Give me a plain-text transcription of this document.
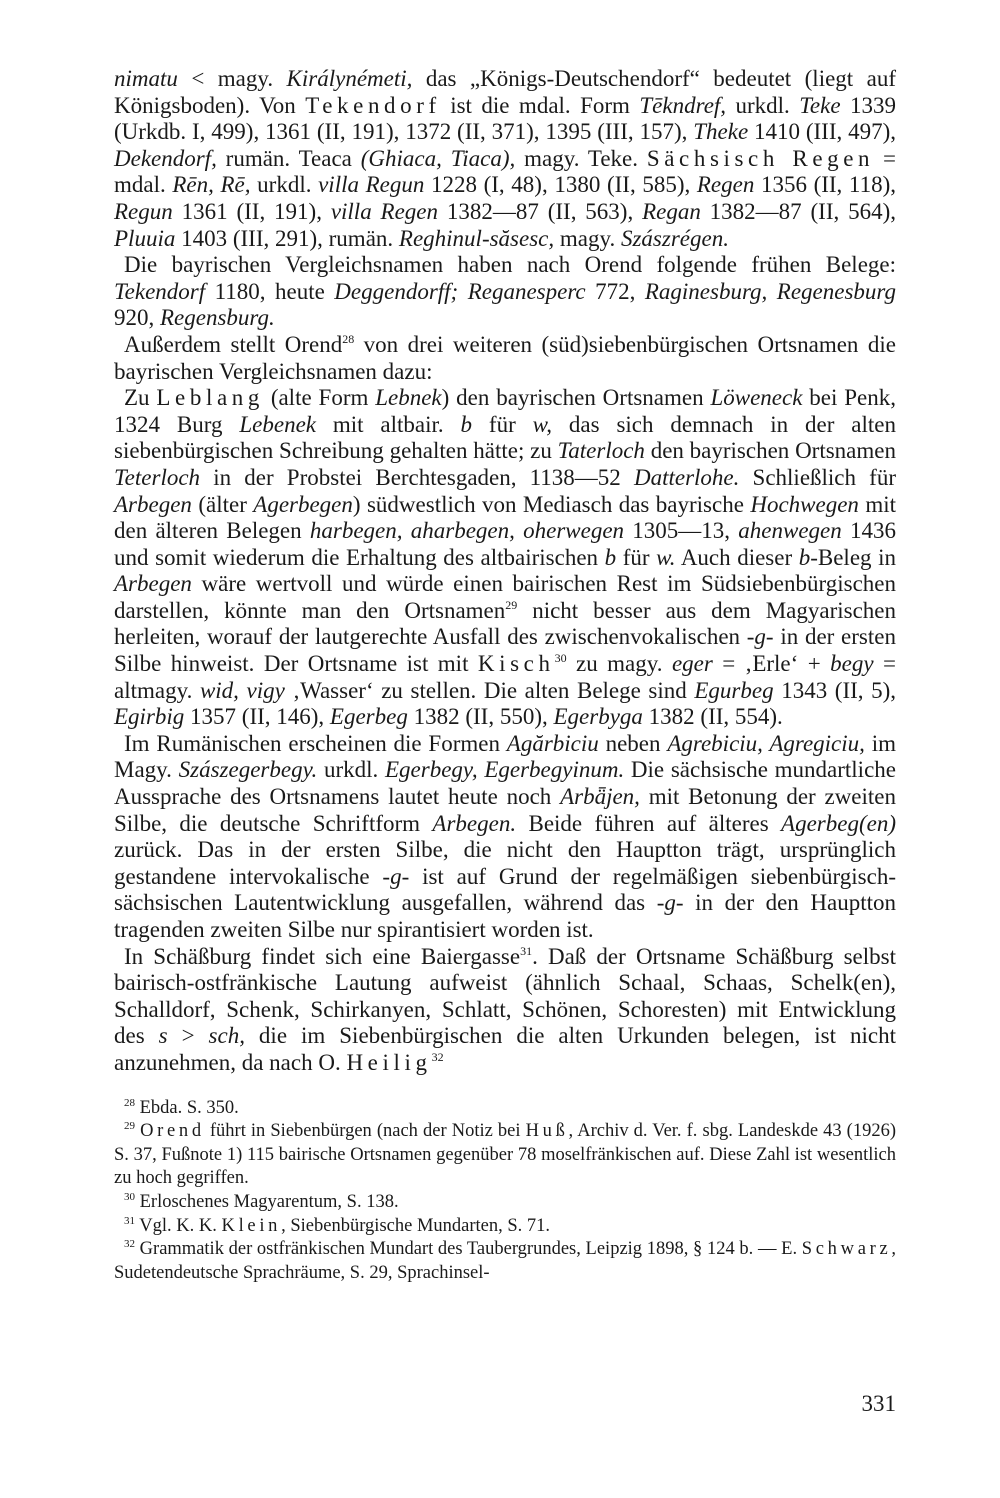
nimatu < magy. Királynémeti, das „Königs-Deutschendorf“ bedeutet (liegt auf Königsboden). Von Tekendorf ist die mdal. Form Tēkndref, urkdl. Teke 1339 (Urkdb. I, 499), 1361 (II, 191), 1372 (II, 371), 1395 (III, 157), Theke 1410 (III, 497), Dekendorf, rumän. Teaca (Ghiaca, Tiaca), magy. Teke. Sächsisch Regen = mdal. Rēn, Rē, urkdl. villa Regun 1228 (I, 48), 1380 (II, 585), Regen 1356 (II, 118), Regun 1361 (II, 191), villa Regen 1382—87 (II, 563), Regan 1382—87 (II, 564), Pluuia 1403 (III, 291), rumän. Reghinul-săsesc, magy. Szászrégen.

Die bayrischen Vergleichsnamen haben nach Orend folgende frühen Belege: Tekendorf 1180, heute Deggendorff; Reganesperc 772, Raginesburg, Regenesburg 920, Regensburg.

Außerdem stellt Orend$^{28}$ von drei weiteren (süd)siebenbürgischen Ortsnamen die bayrischen Vergleichsnamen dazu:

Zu Leblang (alte Form Lebnek) den bayrischen Ortsnamen Löweneck bei Penk, 1324 Burg Lebenek mit altbair. b für w, das sich demnach in der alten siebenbürgischen Schreibung gehalten hätte; zu Taterloch den bayrischen Ortsnamen Teterloch in der Probstei Berchtesgaden, 1138—52 Datterlohe. Schließlich für Arbegen (älter Agerbegen) südwestlich von Mediasch das bayrische Hochwegen mit den älteren Belegen harbegen, aharbegen, oherwegen 1305—13, ahenwegen 1436 und somit wiederum die Erhaltung des altbairischen b für w. Auch dieser b-Beleg in Arbegen wäre wertvoll und würde einen bairischen Rest im Südsiebenbürgischen darstellen, könnte man den Ortsnamen$^{29}$ nicht besser aus dem Magyarischen herleiten, worauf der lautgerechte Ausfall des zwischenvokalischen -g- in der ersten Silbe hinweist. Der Ortsname ist mit Kisch$^{30}$ zu magy. eger = ‚Erle‘ + begy = altmagy. wid, vigy ‚Wasser‘ zu stellen. Die alten Belege sind Egurbeg 1343 (II, 5), Egirbig 1357 (II, 146), Egerbeg 1382 (II, 550), Egerbyga 1382 (II, 554).

Im Rumänischen erscheinen die Formen Agărbiciu neben Agrebiciu, Agregiciu, im Magy. Szászegerbegy. urkdl. Egerbegy, Egerbegyinum. Die sächsische mundartliche Aussprache des Ortsnamens lautet heute noch Arbǟjen, mit Betonung der zweiten Silbe, die deutsche Schriftform Arbegen. Beide führen auf älteres Agerbeg(en) zurück. Das in der ersten Silbe, die nicht den Hauptton trägt, ursprünglich gestandene intervokalische -g- ist auf Grund der regelmäßigen siebenbürgisch-sächsischen Lautentwicklung ausgefallen, während das -g- in der den Hauptton tragenden zweiten Silbe nur spirantisiert worden ist.

In Schäßburg findet sich eine Baiergasse$^{31}$. Daß der Ortsname Schäßburg selbst bairisch-ostfränkische Lautung aufweist (ähnlich Schaal, Schaas, Schelk(en), Schalldorf, Schenk, Schirkanyen, Schlatt, Schönen, Schoresten) mit Entwicklung des s > sch, die im Siebenbürgischen die alten Urkunden belegen, ist nicht anzunehmen, da nach O. Heilig$^{32}$

$^{28}$ Ebda. S. 350.

$^{29}$ Orend führt in Siebenbürgen (nach der Notiz bei Huß, Archiv d. Ver. f. sbg. Landeskde 43 (1926) S. 37, Fußnote 1) 115 bairische Ortsnamen gegenüber 78 moselfränkischen auf. Diese Zahl ist wesentlich zu hoch gegriffen.

$^{30}$ Erloschenes Magyarentum, S. 138.

$^{31}$ Vgl. K. K. Klein, Siebenbürgische Mundarten, S. 71.

$^{32}$ Grammatik der ostfränkischen Mundart des Taubergrundes, Leipzig 1898, § 124 b. — E. Schwarz, Sudetendeutsche Sprachräume, S. 29, Sprachinsel-

331
